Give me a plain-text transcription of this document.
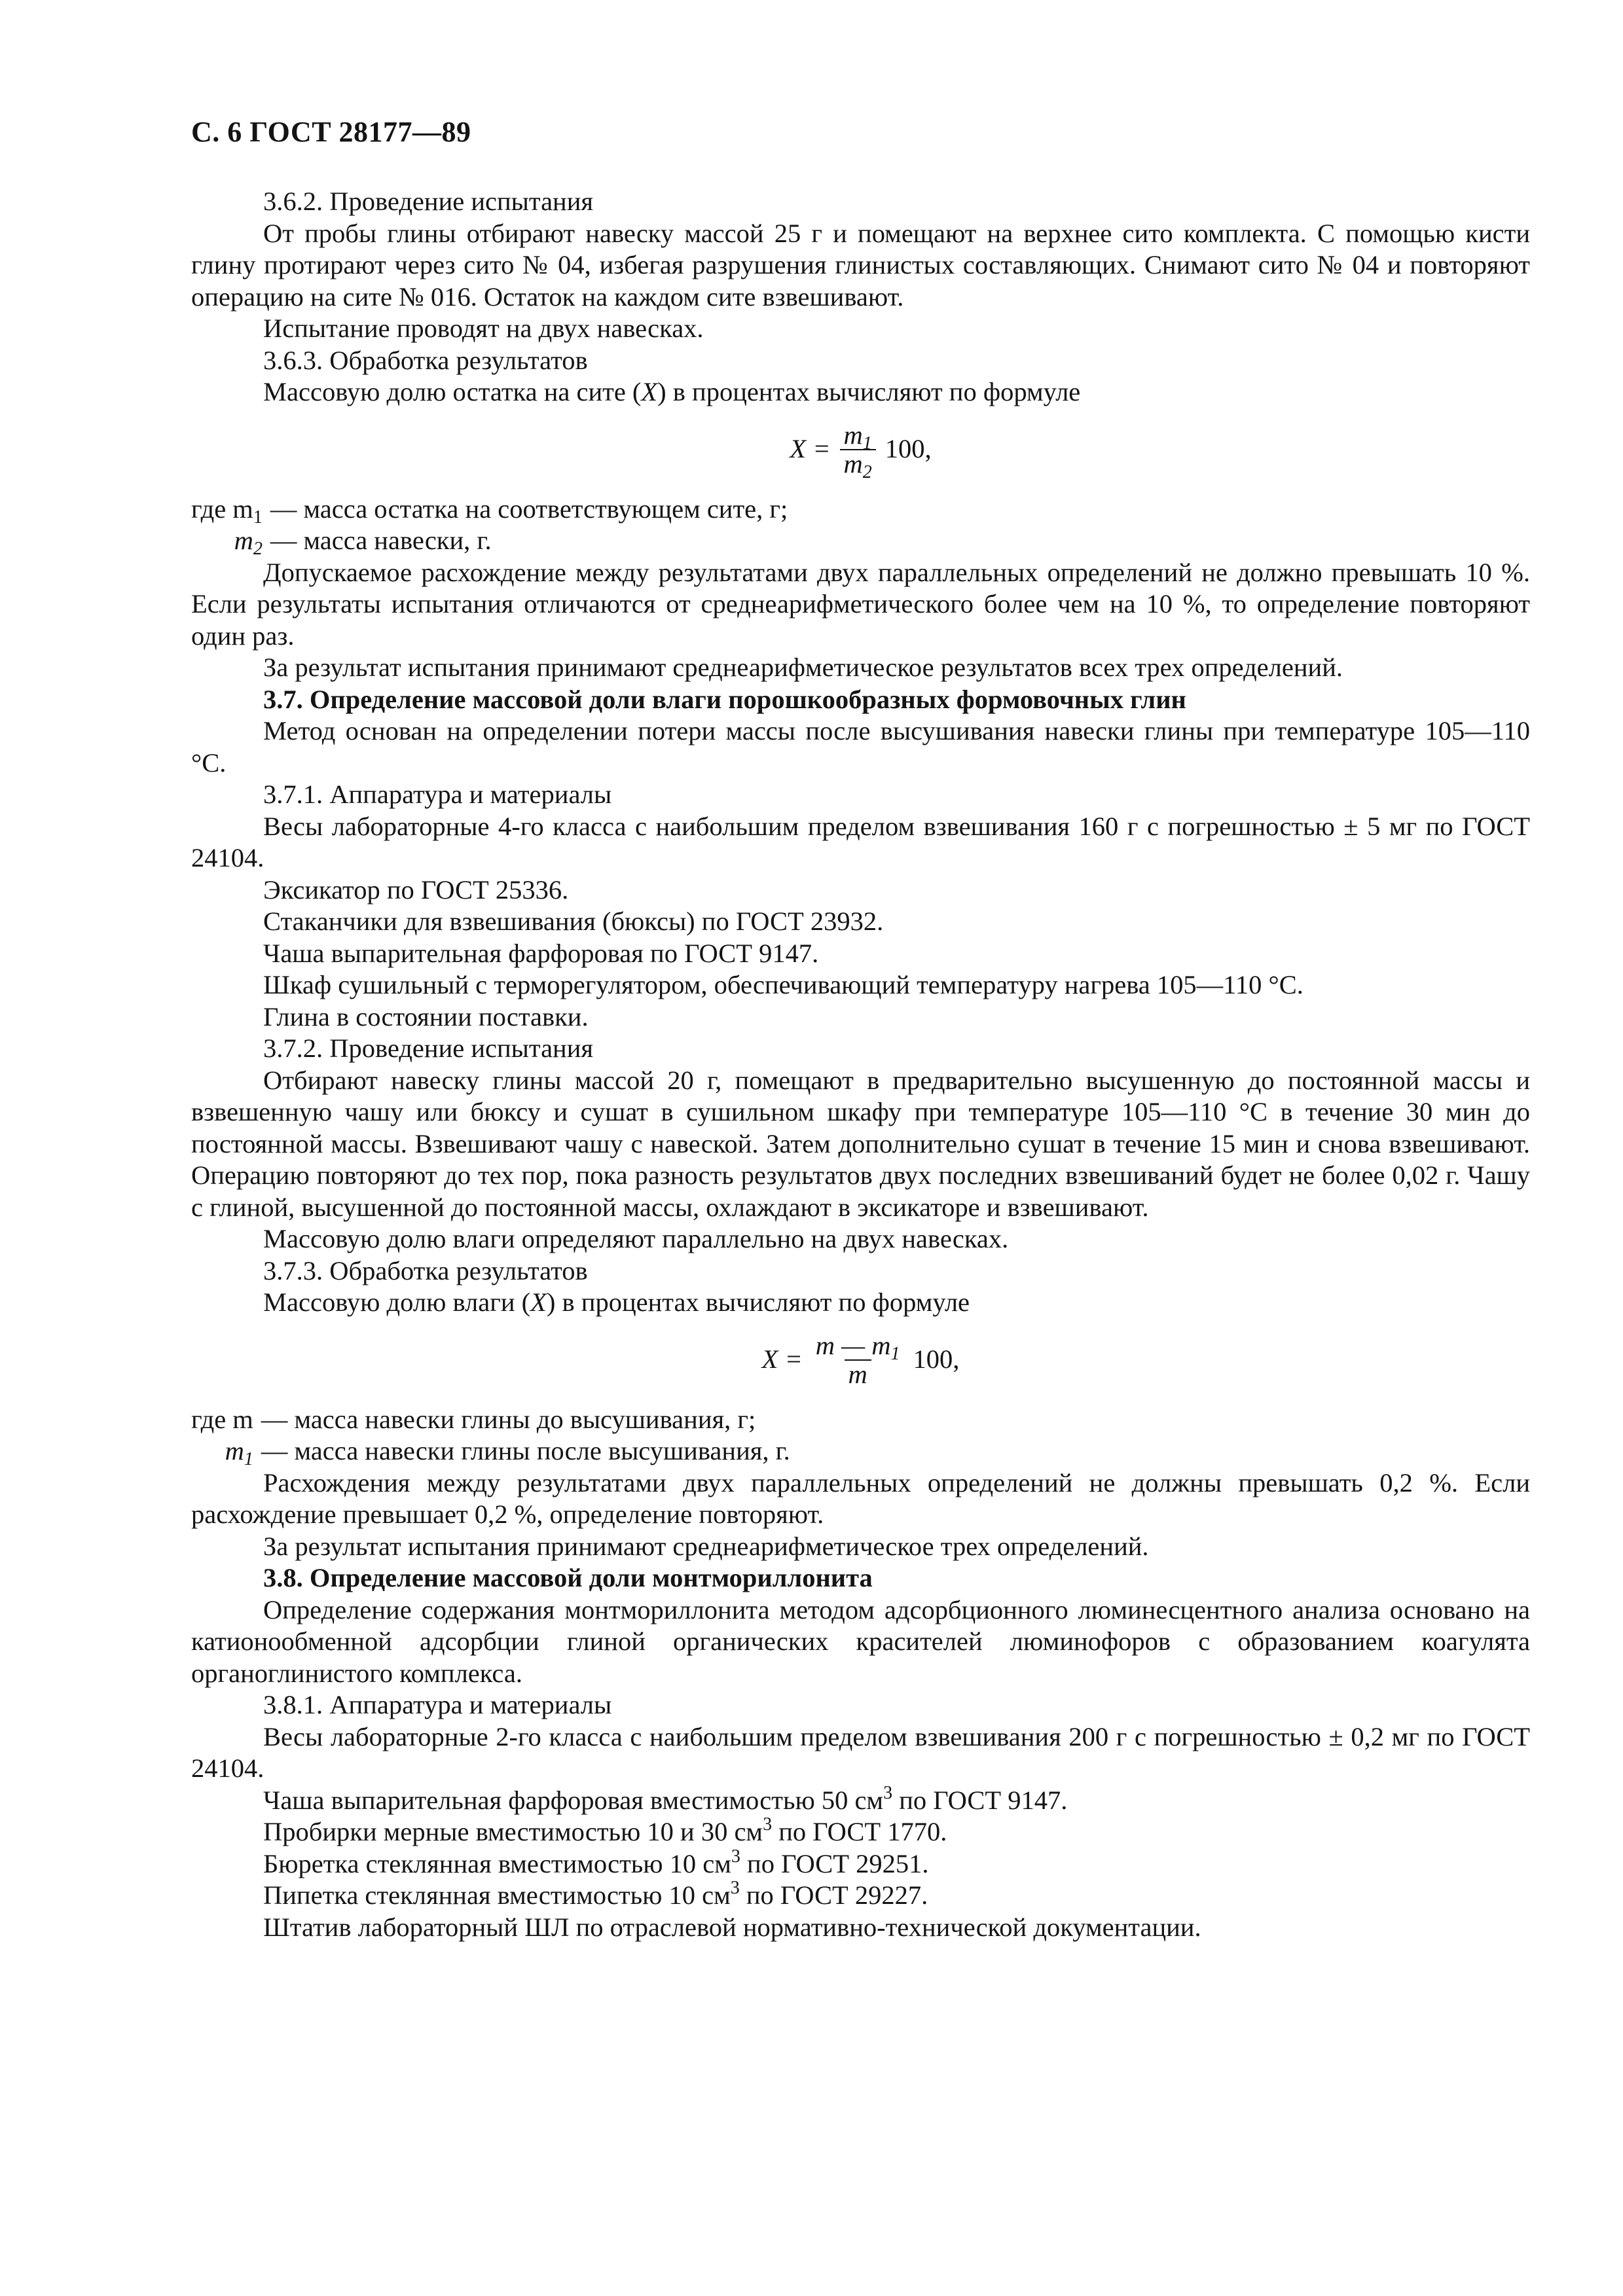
С. 6 ГОСТ 28177—89

3.6.2. Проведение испытания

От пробы глины отбирают навеску массой 25 г и помещают на верхнее сито комплекта. С помощью кисти глину протирают через сито № 04, избегая разрушения глинистых составляющих. Снимают сито № 04 и повторяют операцию на сите № 016. Остаток на каждом сите взвешивают.

Испытание проводят на двух навесках.

3.6.3. Обработка результатов

Массовую долю остатка на сите (X) в процентах вычисляют по формуле

$X = \frac{m_1}{m_2} 100$,
где $m_1$ — масса остатка на соответствующем сите, г;
$m_2$ — масса навески, г.

Допускаемое расхождение между результатами двух параллельных определений не должно превышать 10 %. Если результаты испытания отличаются от среднеарифметического более чем на 10 %, то определение повторяют один раз.

За результат испытания принимают среднеарифметическое результатов всех трех определений.

3.7. Определение массовой доли влаги порошкообразных формовочных глин

Метод основан на определении потери массы после высушивания навески глины при температуре 105—110 °С.

3.7.1. Аппаратура и материалы

Весы лабораторные 4-го класса с наибольшим пределом взвешивания 160 г с погрешностью ± 5 мг по ГОСТ 24104.

Эксикатор по ГОСТ 25336.

Стаканчики для взвешивания (бюксы) по ГОСТ 23932.

Чаша выпарительная фарфоровая по ГОСТ 9147.

Шкаф сушильный с терморегулятором, обеспечивающий температуру нагрева 105—110 °С.

Глина в состоянии поставки.

3.7.2. Проведение испытания

Отбирают навеску глины массой 20 г, помещают в предварительно высушенную до постоянной массы и взвешенную чашу или бюксу и сушат в сушильном шкафу при температуре 105—110 °С в течение 30 мин до постоянной массы. Взвешивают чашу с навеской. Затем дополнительно сушат в течение 15 мин и снова взвешивают. Операцию повторяют до тех пор, пока разность результатов двух последних взвешиваний будет не более 0,02 г. Чашу с глиной, высушенной до постоянной массы, охлаждают в эксикаторе и взвешивают.

Массовую долю влаги определяют параллельно на двух навесках.

3.7.3. Обработка результатов

Массовую долю влаги (X) в процентах вычисляют по формуле

$X = \frac{m — m_1}{m} 100$,
где m — масса навески глины до высушивания, г;
$m_1$ — масса навески глины после высушивания, г.

Расхождения между результатами двух параллельных определений не должны превышать 0,2 %. Если расхождение превышает 0,2 %, определение повторяют.

За результат испытания принимают среднеарифметическое трех определений.

3.8. Определение массовой доли монтмориллонита

Определение содержания монтмориллонита методом адсорбционного люминесцентного анализа основано на катионообменной адсорбции глиной органических красителей люминофоров с образованием коагулята органоглинистого комплекса.

3.8.1. Аппаратура и материалы

Весы лабораторные 2-го класса с наибольшим пределом взвешивания 200 г с погрешностью ± 0,2 мг по ГОСТ 24104.

Чаша выпарительная фарфоровая вместимостью 50 $см^3$ по ГОСТ 9147.

Пробирки мерные вместимостью 10 и 30 $см^3$ по ГОСТ 1770.

Бюретка стеклянная вместимостью 10 $см^3$ по ГОСТ 29251.

Пипетка стеклянная вместимостью 10 $см^3$ по ГОСТ 29227.

Штатив лабораторный ШЛ по отраслевой нормативно-технической документации.
